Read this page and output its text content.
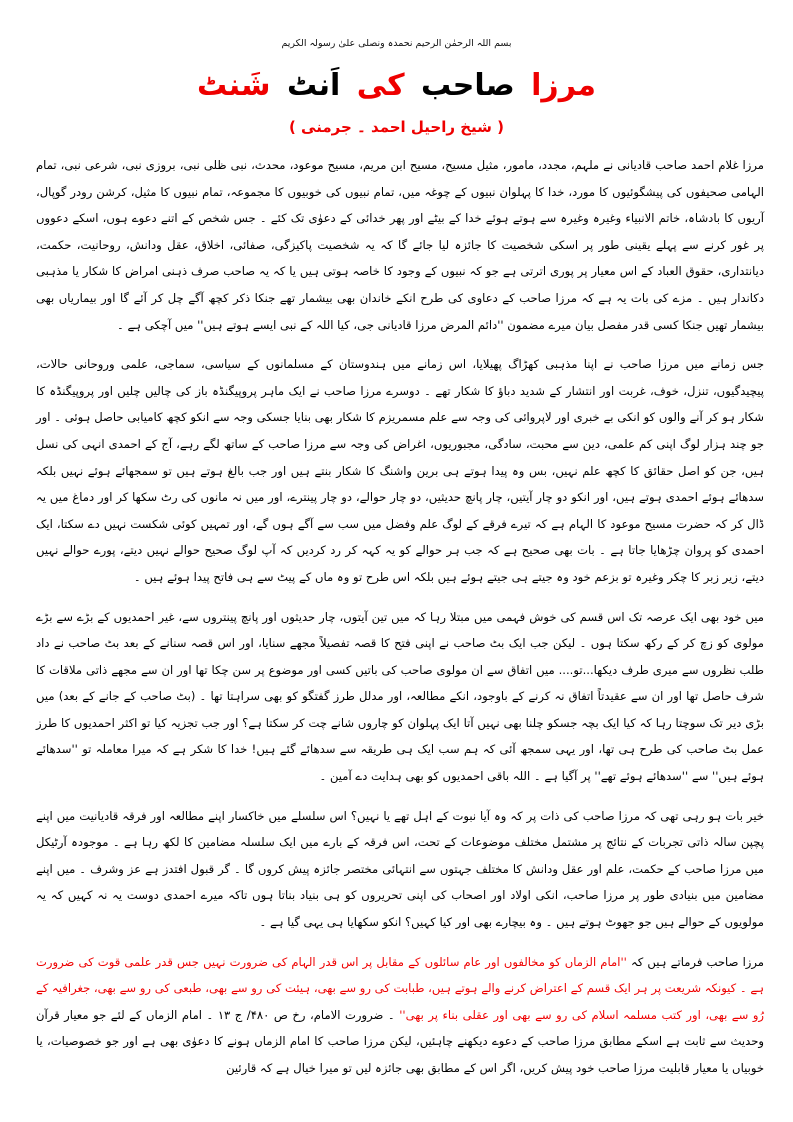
بسم اللہ الرحمٰن الرحیم نحمدہ ونصلی علیٰ رسولہ الکریم
مرزا صاحب کی اَنٹ شَنٹ
( شیخ راحیل احمد ۔ جرمنی )

مرزا غلام احمد صاحب قادیانی نے ملہم، مجدد، مامور، مثیل مسیح، مسیح ابن مریم، مسیح موعود، محدث، نبی ظلی نبی، بروزی نبی، شرعی نبی، تمام الہامی صحیفوں کی پیشگوئیوں کا مورد، خدا کا پہلوان نبیوں کے چوغہ میں، تمام نبیوں کی خوبیوں کا مجموعہ، تمام نبیوں کا مثیل، کرشن رودر گوپال، آریوں کا بادشاہ، خاتم الانبیاء وغیرہ وغیرہ سے ہوتے ہوئے خدا کے بیٹے اور پھر خدائی کے دعوٰی تک کئے ۔ جس شخص کے اتنے دعوے ہوں، اسکے دعووں پر غور کرنے سے پہلے یقینی طور پر اسکی شخصیت کا جائزہ لیا جائے گا کہ یہ شخصیت پاکیزگی، صفائی، اخلاق، عقل ودانش، روحانیت، حکمت، دیانتداری، حقوق العباد کے اس معیار پر پوری اترتی ہے جو کہ نبیوں کے وجود کا خاصہ ہوتی ہیں یا کہ یہ صاحب صرف ذہنی امراض کا شکار یا مذہبی دکاندار ہیں ۔ مزے کی بات یہ ہے کہ مرزا صاحب کے دعاوی کی طرح انکے خاندان بھی بیشمار تھے جنکا ذکر کچھ آگے چل کر آئے گا اور بیماریاں بھی بیشمار تھیں جنکا کسی قدر مفصل بیان میرے مضمون ''دائم المرض مرزا قادیانی جی، کیا اللہ کے نبی ایسے ہوتے ہیں'' میں آچکی ہے ۔

جس زمانے میں مرزا صاحب نے اپنا مذہبی کھڑاگ پھیلایا، اس زمانے میں ہندوستان کے مسلمانوں کے سیاسی، سماجی، علمی وروحانی حالات، پیچیدگیوں، تنزل، خوف، غربت اور انتشار کے شدید دباؤ کا شکار تھے ۔ دوسرے مرزا صاحب نے ایک ماہر پروپیگنڈہ باز کی چالیں چلیں اور پروپیگنڈہ کا شکار ہو کر آنے والوں کو انکی بے خبری اور لاپروائی کی وجہ سے علم مسمریزم کا شکار بھی بنایا جسکی وجہ سے انکو کچھ کامیابی حاصل ہوئی ۔ اور جو چند ہزار لوگ اپنی کم علمی، دین سے محبت، سادگی، مجبوریوں، اغراض کی وجہ سے مرزا صاحب کے ساتھ لگے رہے، آج کے احمدی انہی کی نسل ہیں، جن کو اصل حقائق کا کچھ علم نہیں، بس وہ پیدا ہوتے ہی برین واشنگ کا شکار بنتے ہیں اور جب بالغ ہوتے ہیں تو سمجھائے ہوئے نہیں بلکہ سدھائے ہوئے احمدی ہوتے ہیں، اور انکو دو چار آیتیں، چار پانچ حدیثیں، دو چار حوالے، دو چار پینترے، اور میں نہ مانوں کی رٹ سکھا کر اور دماغ میں یہ ڈال کر کہ حضرت مسیح موعود کا الہام ہے کہ تیرے فرقے کے لوگ علم وفضل میں سب سے آگے ہوں گے، اور تمہیں کوئی شکست نہیں دے سکتا، ایک احمدی کو پروان چڑھایا جاتا ہے ۔ بات بھی صحیح ہے کہ جب ہر حوالے کو یہ کہہ کر رد کردیں کہ آپ لوگ صحیح حوالے نہیں دیتے، پورے حوالے نہیں دیتے، زیر زبر کا چکر وغیرہ تو بزعم خود وہ جیتے ہی جیتے ہوئے ہیں بلکہ اس طرح تو وہ ماں کے پیٹ سے ہی فاتح پیدا ہوئے ہیں ۔

میں خود بھی ایک عرصہ تک اس قسم کی خوش فہمی میں مبتلا رہا کہ میں تین آیتوں، چار حدیثوں اور پانچ پینتروں سے، غیر احمدیوں کے بڑے سے بڑے مولوی کو زچ کر کے رکھ سکتا ہوں ۔ لیکن جب ایک بٹ صاحب نے اپنی فتح کا قصہ تفصیلاً مجھے سنایا، اور اس قصہ سنانے کے بعد بٹ صاحب نے داد طلب نظروں سے میری طرف دیکھا...تو.... میں اتفاق سے ان مولوی صاحب کی باتیں کسی اور موضوع پر سن چکا تھا اور ان سے مجھے ذاتی ملاقات کا شرف حاصل تھا اور ان سے عقیدتاً اتفاق نہ کرنے کے باوجود، انکے مطالعہ، اور مدلل طرز گفتگو کو بھی سراہتا تھا ۔ (بٹ صاحب کے جانے کے بعد) میں بڑی دیر تک سوچتا رہا کہ کیا ایک بچہ جسکو چلنا بھی نہیں آتا ایک پہلوان کو چاروں شانے چت کر سکتا ہے؟ اور جب تجزیہ کیا تو اکثر احمدیوں کا طرز عمل بٹ صاحب کی طرح ہی تھا، اور یہی سمجھ آئی کہ ہم سب ایک ہی طریقہ سے سدھائے گئے ہیں! خدا کا شکر ہے کہ میرا معاملہ تو ''سدھائے ہوئے ہیں'' سے ''سدھائے ہوئے تھے'' پر آگیا ہے ۔ اللہ باقی احمدیوں کو بھی ہدایت دے آمین ۔

خیر بات ہو رہی تھی کہ مرزا صاحب کی ذات پر کہ وہ آیا نبوت کے اہل تھے یا نہیں؟ اس سلسلے میں خاکسار اپنے مطالعہ اور فرقہ قادیانیت میں اپنے پچپن سالہ ذاتی تجربات کے نتائج پر مشتمل مختلف موضوعات کے تحت، اس فرقہ کے بارے میں ایک سلسلہ مضامین کا لکھ رہا ہے ۔ موجودہ آرٹیکل میں مرزا صاحب کے حکمت، علم اور عقل ودانش کا مختلف جہتوں سے انتہائی مختصر جائزہ پیش کروں گا ۔ گر قبول افتدز ہے عز وشرف ۔ میں اپنے مضامین میں بنیادی طور پر مرزا صاحب، انکی اولاد اور اصحاب کی اپنی تحریروں کو ہی بنیاد بناتا ہوں تاکہ میرے احمدی دوست یہ نہ کہیں کہ یہ مولویوں کے حوالے ہیں جو جھوٹ ہوتے ہیں ۔ وہ بیچارے بھی اور کیا کہیں؟ انکو سکھایا ہی یہی گیا ہے ۔

مرزا صاحب فرماتے ہیں کہ ''امام الزماں کو مخالفوں اور عام سائلوں کے مقابل پر اس قدر الہام کی ضرورت نہیں جس قدر علمی قوت کی ضرورت ہے ۔ کیونکہ شریعت پر ہر ایک قسم کے اعتراض کرنے والے ہوتے ہیں، طبابت کی رو سے بھی، ہیئت کی رو سے بھی، طبعی کی رو سے بھی، جغرافیہ کے رُو سے بھی، اور کتب مسلمہ اسلام کی رو سے بھی اور عقلی بناء پر بھی'' ۔ ضرورت الامام، رخ ص ۴۸۰/ ج ۱۳ ۔ امام الزماں کے لئے جو معیار قرآن وحدیث سے ثابت ہے اسکے مطابق مرزا صاحب کے دعوے دیکھنے چاہئیں، لیکن مرزا صاحب کا امام الزماں ہونے کا دعوٰی بھی ہے اور جو خصوصیات، یا خوبیاں یا معیار قابلیت مرزا صاحب خود پیش کریں، اگر اس کے مطابق بھی جائزہ لیں تو میرا خیال ہے کہ قارئین
